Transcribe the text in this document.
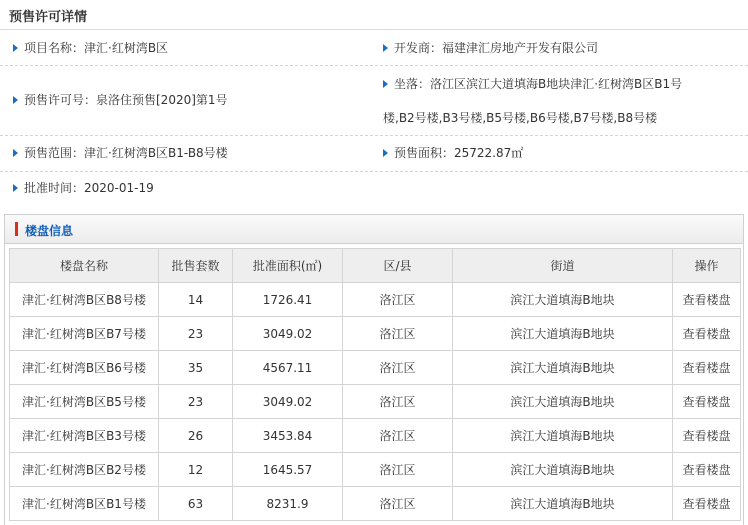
预售许可详情
项目名称：津汇·红树湾B区	开发商：福建津汇房地产开发有限公司
预售许可号：泉洛住预售[2020]第1号
坐落：洛江区滨江大道填海B地块津汇·红树湾B区B1号
楼,B2号楼,B3号楼,B5号楼,B6号楼,B7号楼,B8号楼
预售范围：津汇·红树湾B区B1-B8号楼	预售面积：25722.87㎡
批准时间：2020-01-19
楼盘信息
楼盘名称	批售套数	批准面积(㎡)	区/县	街道	操作
津汇·红树湾B区B8号楼	14	1726.41	洛江区	滨江大道填海B地块	查看楼盘
津汇·红树湾B区B7号楼	23	3049.02	洛江区	滨江大道填海B地块	查看楼盘
津汇·红树湾B区B6号楼	35	4567.11	洛江区	滨江大道填海B地块	查看楼盘
津汇·红树湾B区B5号楼	23	3049.02	洛江区	滨江大道填海B地块	查看楼盘
津汇·红树湾B区B3号楼	26	3453.84	洛江区	滨江大道填海B地块	查看楼盘
津汇·红树湾B区B2号楼	12	1645.57	洛江区	滨江大道填海B地块	查看楼盘
津汇·红树湾B区B1号楼	63	8231.9	洛江区	滨江大道填海B地块	查看楼盘
